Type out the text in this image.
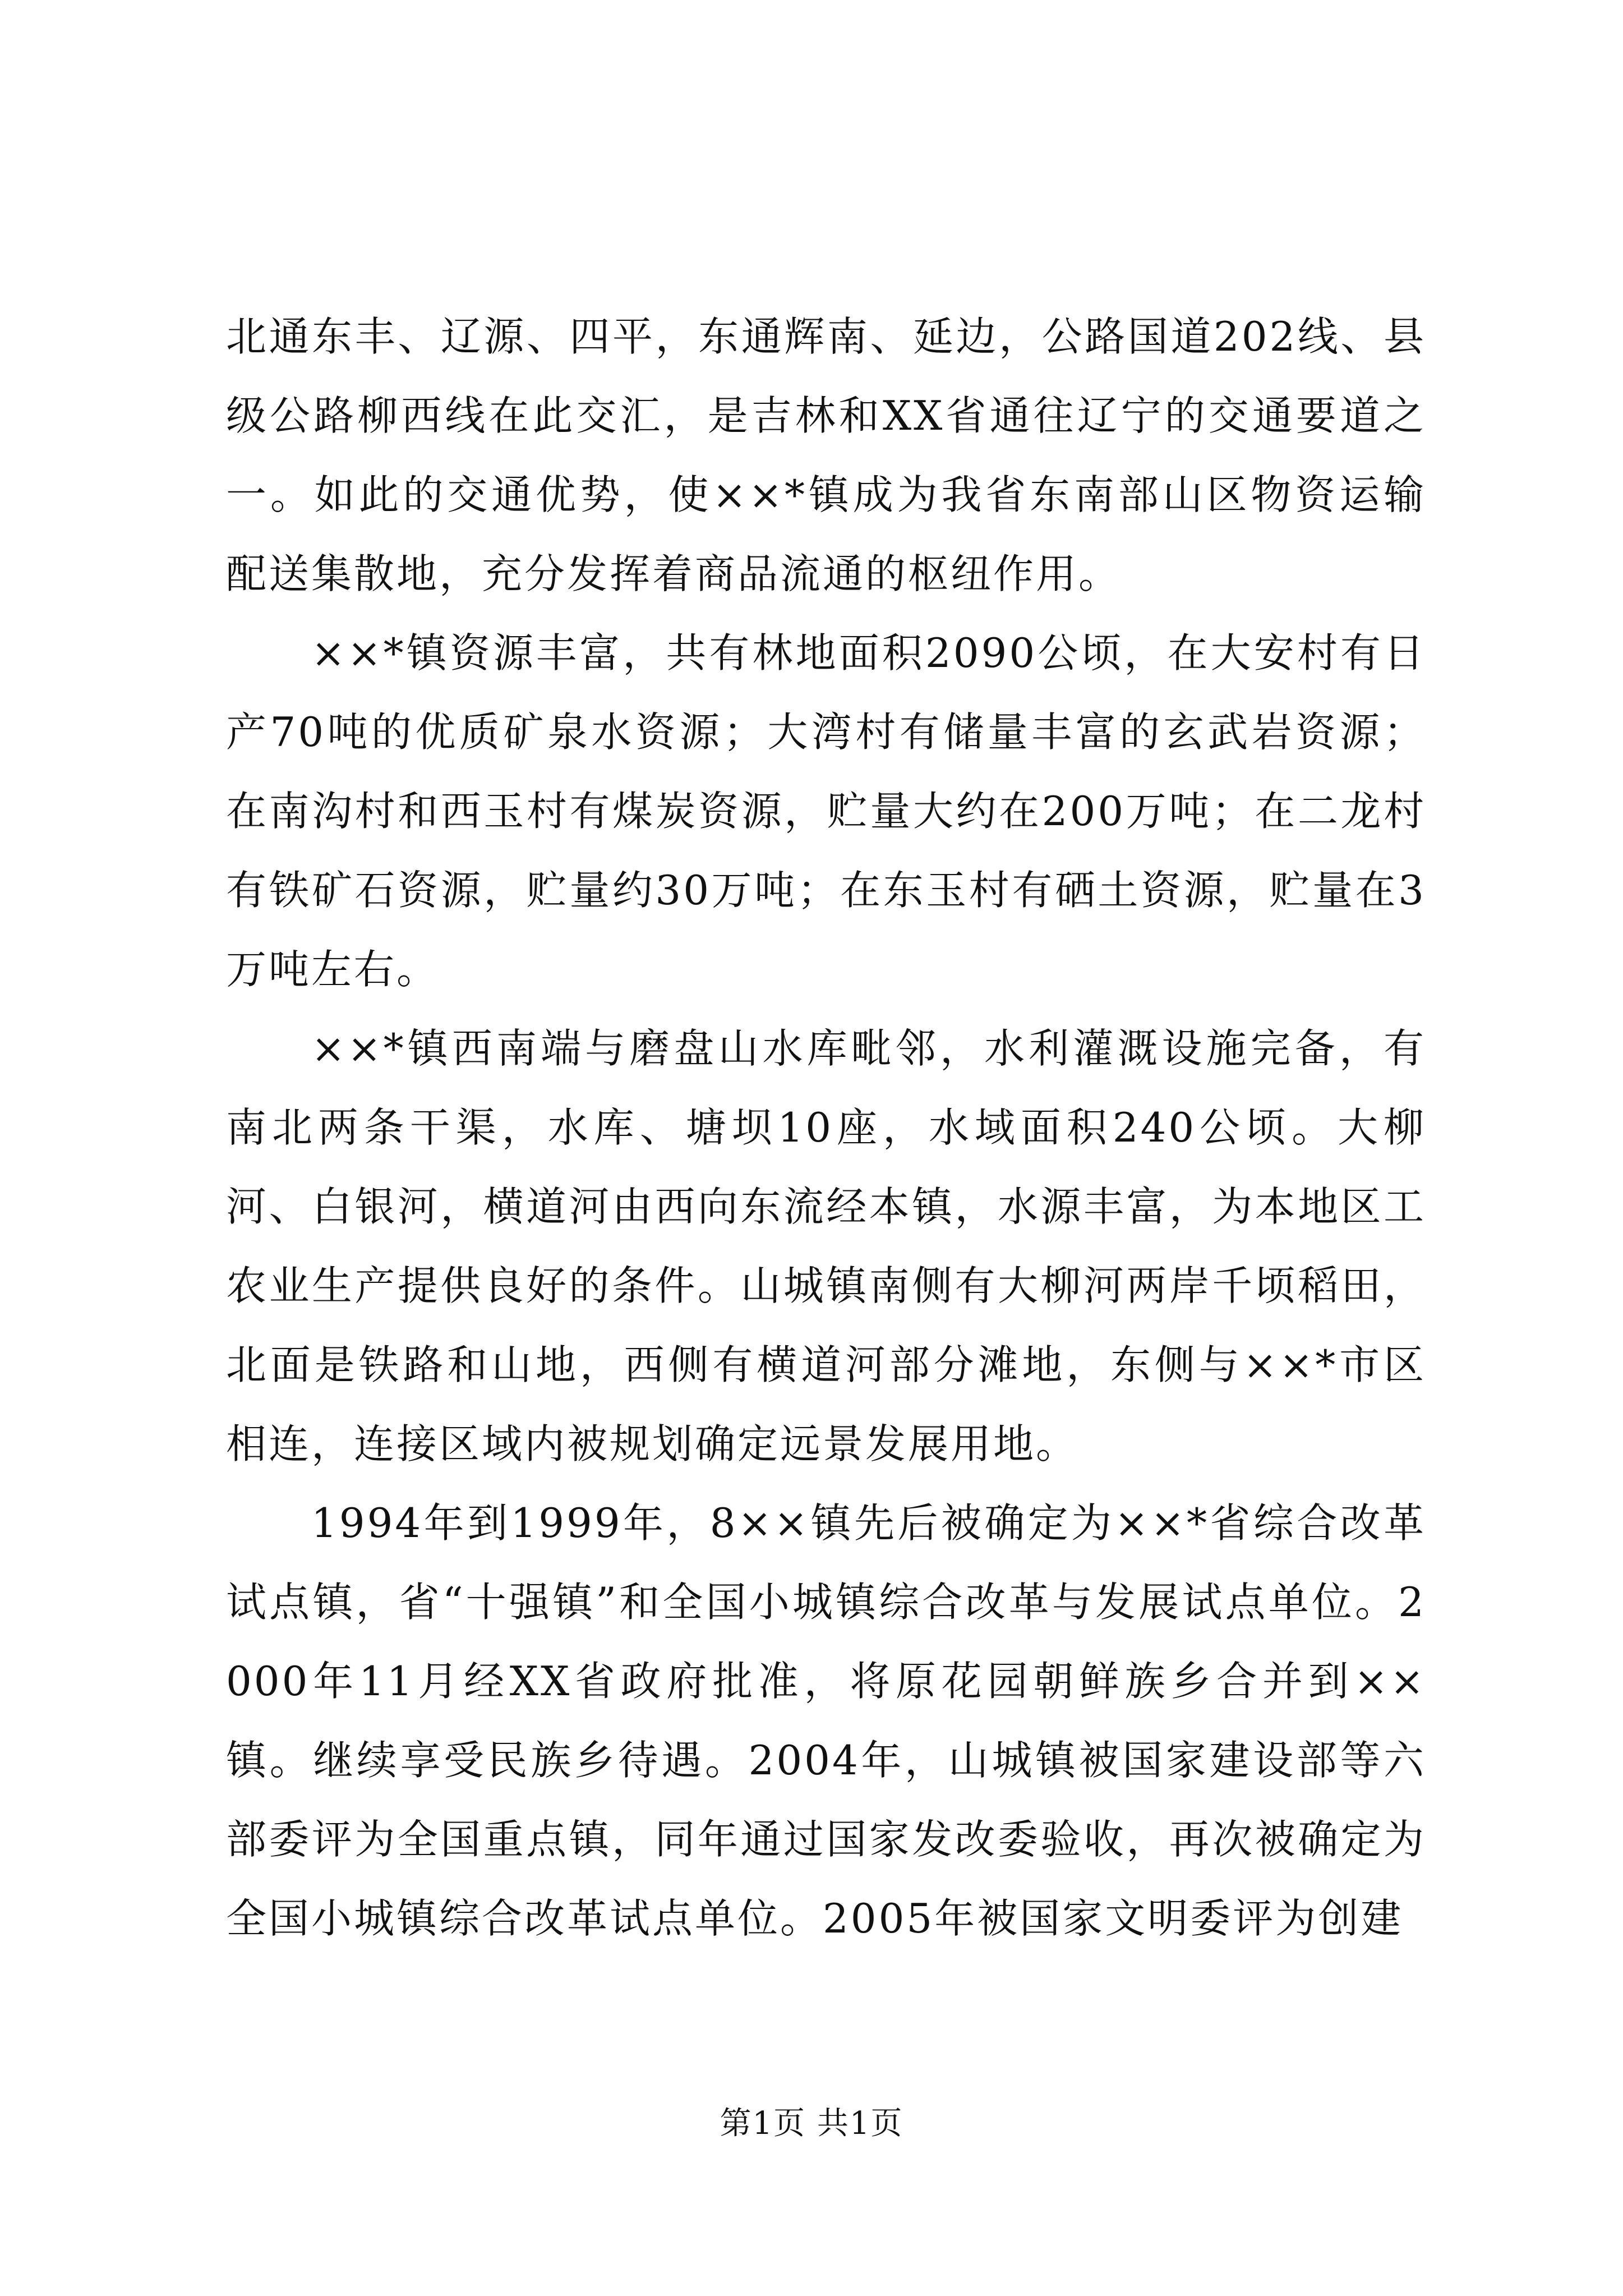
北通东丰、辽源、四平，东通辉南、延边，公路国道202线、县级公路柳西线在此交汇，是吉林和XX省通往辽宁的交通要道之一。如此的交通优势，使××*镇成为我省东南部山区物资运输配送集散地，充分发挥着商品流通的枢纽作用。

××*镇资源丰富，共有林地面积2090公顷，在大安村有日产70吨的优质矿泉水资源；大湾村有储量丰富的玄武岩资源；在南沟村和西玉村有煤炭资源，贮量大约在200万吨；在二龙村有铁矿石资源，贮量约30万吨；在东玉村有硒土资源，贮量在3万吨左右。

××*镇西南端与磨盘山水库毗邻，水利灌溉设施完备，有南北两条干渠，水库、塘坝10座，水域面积240公顷。大柳河、白银河，横道河由西向东流经本镇，水源丰富，为本地区工农业生产提供良好的条件。山城镇南侧有大柳河两岸千顷稻田，北面是铁路和山地，西侧有横道河部分滩地，东侧与××*市区相连，连接区域内被规划确定远景发展用地。

1994年到1999年，8××镇先后被确定为××*省综合改革试点镇，省“十强镇”和全国小城镇综合改革与发展试点单位。2000年11月经XX省政府批准，将原花园朝鲜族乡合并到××镇。继续享受民族乡待遇。2004年，山城镇被国家建设部等六部委评为全国重点镇，同年通过国家发改委验收，再次被确定为全国小城镇综合改革试点单位。2005年被国家文明委评为创建

第1页 共1页
